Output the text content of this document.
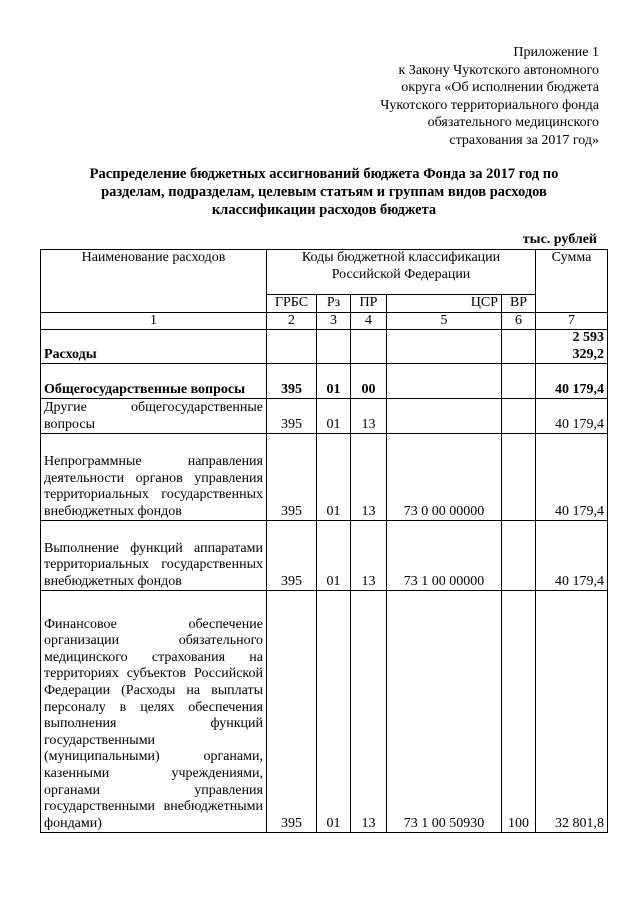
Приложение 1
к Закону Чукотского автономного
округа «Об исполнении бюджета
Чукотского территориального фонда
обязательного медицинского
страхования за 2017 год»
Распределение бюджетных ассигнований бюджета Фонда за 2017 год по
разделам, подразделам, целевым статьям и группам видов расходов
классификации расходов бюджета
тыс. рублей
Наименование расходов	Коды бюджетной классификации Российской Федерации					Сумма
	ГРБС	Рз	ПР	ЦСР	ВР	
1	2	3	4	5	6	7
Расходы						2 593 329,2
Общегосударственные вопросы	395	01	00			40 179,4
Другие общегосударственные вопросы	395	01	13			40 179,4
Непрограммные направления деятельности органов управления территориальных государственных внебюджетных фондов	395	01	13	73 0 00 00000		40 179,4
Выполнение функций аппаратами территориальных государственных внебюджетных фондов	395	01	13	73 1 00 00000		40 179,4
Финансовое обеспечение организации обязательного медицинского страхования на территориях субъектов Российской Федерации (Расходы на выплаты персоналу в целях обеспечения выполнения функций государственными (муниципальными) органами, казенными учреждениями, органами управления государственными внебюджетными фондами)	395	01	13	73 1 00 50930	100	32 801,8
